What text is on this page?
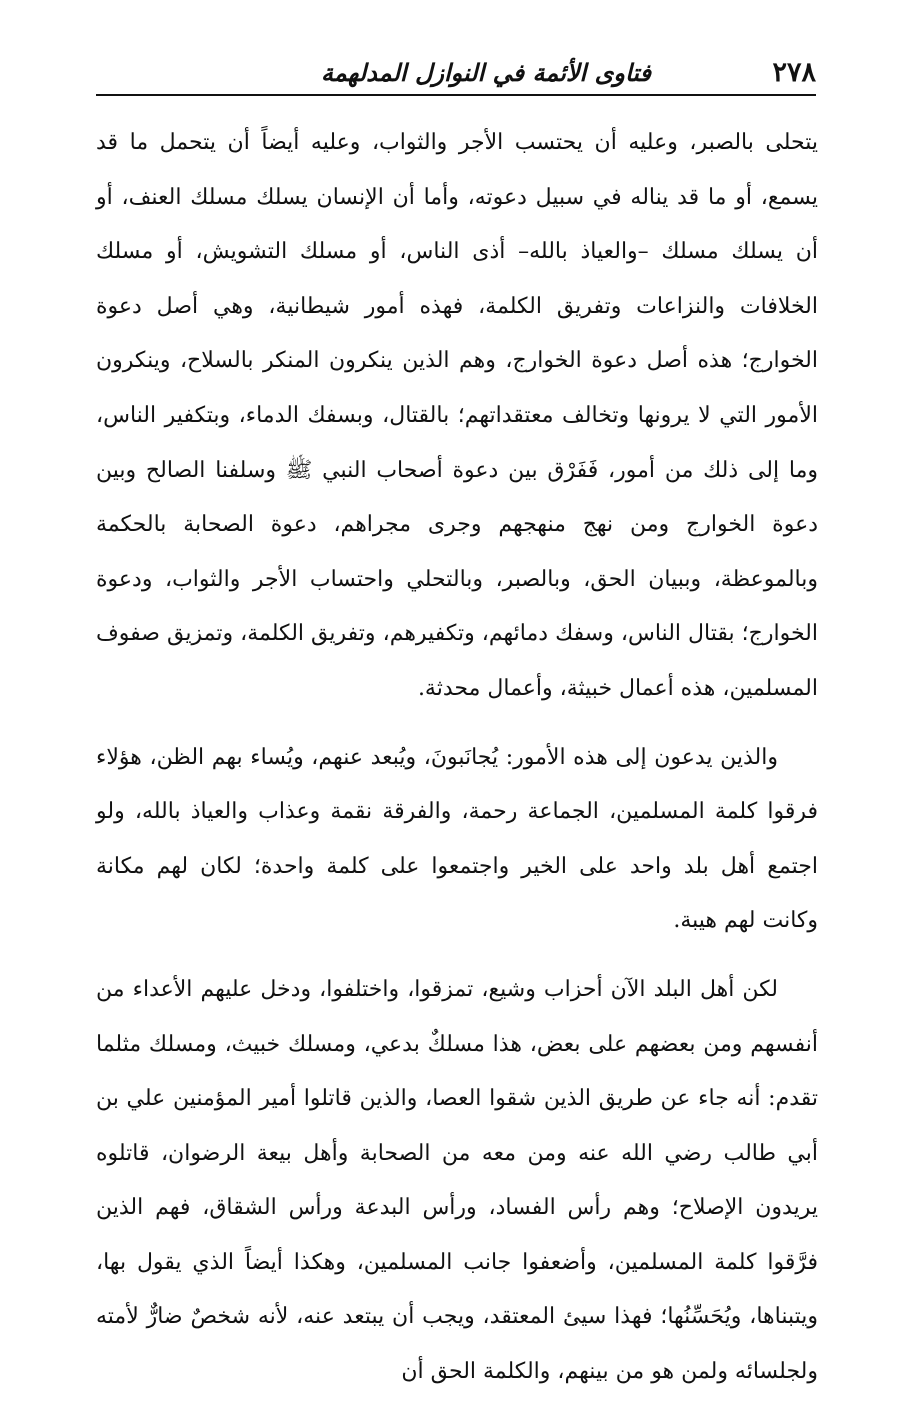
٢٧٨
فتاوى الأئمة في النوازل المدلهمة

يتحلى بالصبر، وعليه أن يحتسب الأجر والثواب، وعليه أيضاً أن يتحمل ما قد يسمع، أو ما قد يناله في سبيل دعوته، وأما أن الإنسان يسلك مسلك العنف، أو أن يسلك مسلك –والعياذ بالله– أذى الناس، أو مسلك التشويش، أو مسلك الخلافات والنزاعات وتفريق الكلمة، فهذه أمور شيطانية، وهي أصل دعوة الخوارج؛ هذه أصل دعوة الخوارج، وهم الذين ينكرون المنكر بالسلاح، وينكرون الأمور التي لا يرونها وتخالف معتقداتهم؛ بالقتال، وبسفك الدماء، وبتكفير الناس، وما إلى ذلك من أمور، فَفَرْق بين دعوة أصحاب النبي ﷺ وسلفنا الصالح وبين دعوة الخوارج ومن نهج منهجهم وجرى مجراهم، دعوة الصحابة بالحكمة وبالموعظة، وببيان الحق، وبالصبر، وبالتحلي واحتساب الأجر والثواب، ودعوة الخوارج؛ بقتال الناس، وسفك دمائهم، وتكفيرهم، وتفريق الكلمة، وتمزيق صفوف المسلمين، هذه أعمال خبيثة، وأعمال محدثة.

والذين يدعون إلى هذه الأمور: يُجانَبونَ، ويُبعد عنهم، ويُساء بهم الظن، هؤلاء فرقوا كلمة المسلمين، الجماعة رحمة، والفرقة نقمة وعذاب والعياذ بالله، ولو اجتمع أهل بلد واحد على الخير واجتمعوا على كلمة واحدة؛ لكان لهم مكانة وكانت لهم هيبة.

لكن أهل البلد الآن أحزاب وشيع، تمزقوا، واختلفوا، ودخل عليهم الأعداء من أنفسهم ومن بعضهم على بعض، هذا مسلكٌ بدعي، ومسلك خبيث، ومسلك مثلما تقدم: أنه جاء عن طريق الذين شقوا العصا، والذين قاتلوا أمير المؤمنين علي بن أبي طالب رضي الله عنه ومن معه من الصحابة وأهل بيعة الرضوان، قاتلوه يريدون الإصلاح؛ وهم رأس الفساد، ورأس البدعة ورأس الشقاق، فهم الذين فرَّقوا كلمة المسلمين، وأضعفوا جانب المسلمين، وهكذا أيضاً الذي يقول بها، ويتبناها، ويُحَسِّنُها؛ فهذا سيئ المعتقد، ويجب أن يبتعد عنه، لأنه شخصٌ ضارٌّ لأمته ولجلسائه ولمن هو من بينهم، والكلمة الحق أن
